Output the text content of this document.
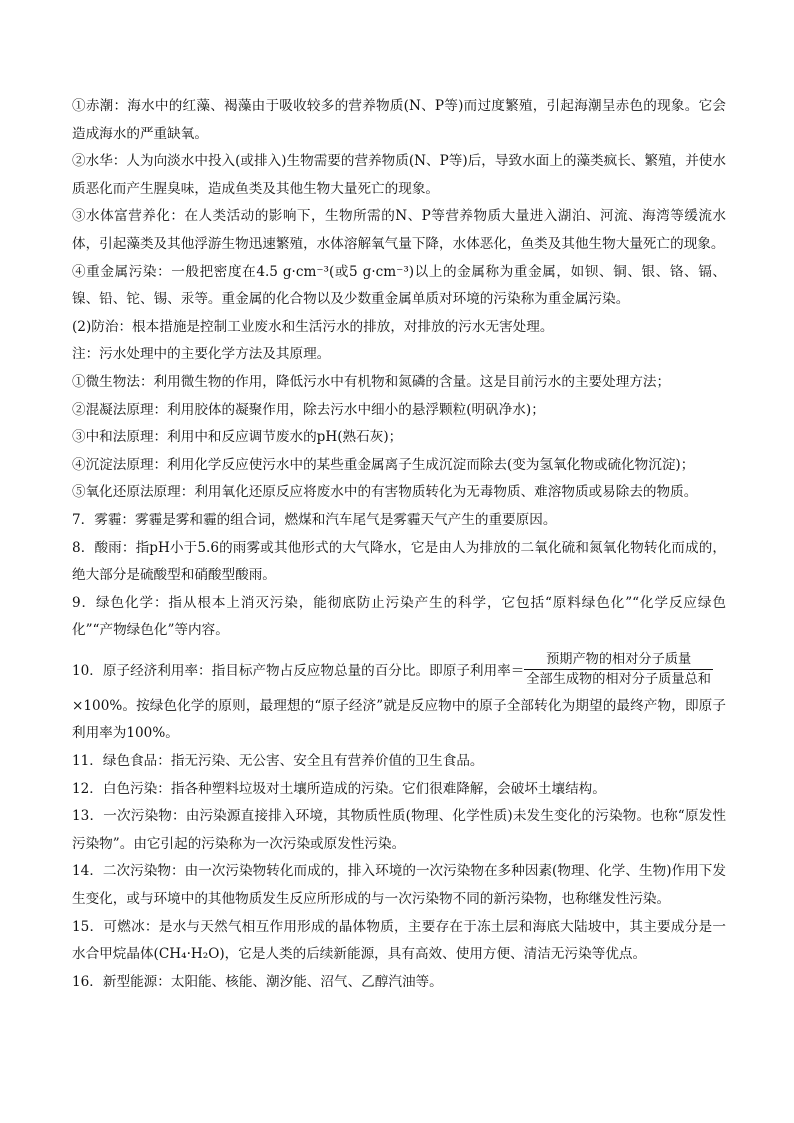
①赤潮：海水中的红藻、褐藻由于吸收较多的营养物质(N、P等)而过度繁殖，引起海潮呈赤色的现象。它会造成海水的严重缺氧。

②水华：人为向淡水中投入(或排入)生物需要的营养物质(N、P等)后，导致水面上的藻类疯长、繁殖，并使水质恶化而产生腥臭味，造成鱼类及其他生物大量死亡的现象。

③水体富营养化：在人类活动的影响下，生物所需的N、P等营养物质大量进入湖泊、河流、海湾等缓流水体，引起藻类及其他浮游生物迅速繁殖，水体溶解氧气量下降，水体恶化，鱼类及其他生物大量死亡的现象。

④重金属污染：一般把密度在4.5 g·cm⁻³(或5 g·cm⁻³)以上的金属称为重金属，如钡、铜、银、铬、镉、镍、铅、铊、锡、汞等。重金属的化合物以及少数重金属单质对环境的污染称为重金属污染。

(2)防治：根本措施是控制工业废水和生活污水的排放，对排放的污水无害处理。

注：污水处理中的主要化学方法及其原理。

①微生物法：利用微生物的作用，降低污水中有机物和氮磷的含量。这是目前污水的主要处理方法；

②混凝法原理：利用胶体的凝聚作用，除去污水中细小的悬浮颗粒(明矾净水)；

③中和法原理：利用中和反应调节废水的pH(熟石灰)；

④沉淀法原理：利用化学反应使污水中的某些重金属离子生成沉淀而除去(变为氢氧化物或硫化物沉淀)；

⑤氧化还原法原理：利用氧化还原反应将废水中的有害物质转化为无毒物质、难溶物质或易除去的物质。

7．雾霾：雾霾是雾和霾的组合词，燃煤和汽车尾气是雾霾天气产生的重要原因。

8．酸雨：指pH小于5.6的雨雾或其他形式的大气降水，它是由人为排放的二氧化硫和氮氧化物转化而成的，绝大部分是硫酸型和硝酸型酸雨。

9．绿色化学：指从根本上消灭污染，能彻底防止污染产生的科学，它包括“原料绿色化”“化学反应绿色化”“产物绿色化”等内容。

10．原子经济利用率：指目标产物占反应物总量的百分比。即原子利用率＝ $\frac{\text{预期产物的相对分子质量}}{\text{全部生成物的相对分子质量总和}}$

×100%。按绿色化学的原则，最理想的“原子经济”就是反应物中的原子全部转化为期望的最终产物，即原子利用率为100%。

11．绿色食品：指无污染、无公害、安全且有营养价值的卫生食品。

12．白色污染：指各种塑料垃圾对土壤所造成的污染。它们很难降解，会破坏土壤结构。

13．一次污染物：由污染源直接排入环境，其物质性质(物理、化学性质)未发生变化的污染物。也称“原发性污染物”。由它引起的污染称为一次污染或原发性污染。

14．二次污染物：由一次污染物转化而成的，排入环境的一次污染物在多种因素(物理、化学、生物)作用下发生变化，或与环境中的其他物质发生反应所形成的与一次污染物不同的新污染物，也称继发性污染。

15．可燃冰：是水与天然气相互作用形成的晶体物质，主要存在于冻土层和海底大陆坡中，其主要成分是一水合甲烷晶体(CH₄·H₂O)，它是人类的后续新能源，具有高效、使用方便、清洁无污染等优点。

16．新型能源：太阳能、核能、潮汐能、沼气、乙醇汽油等。
